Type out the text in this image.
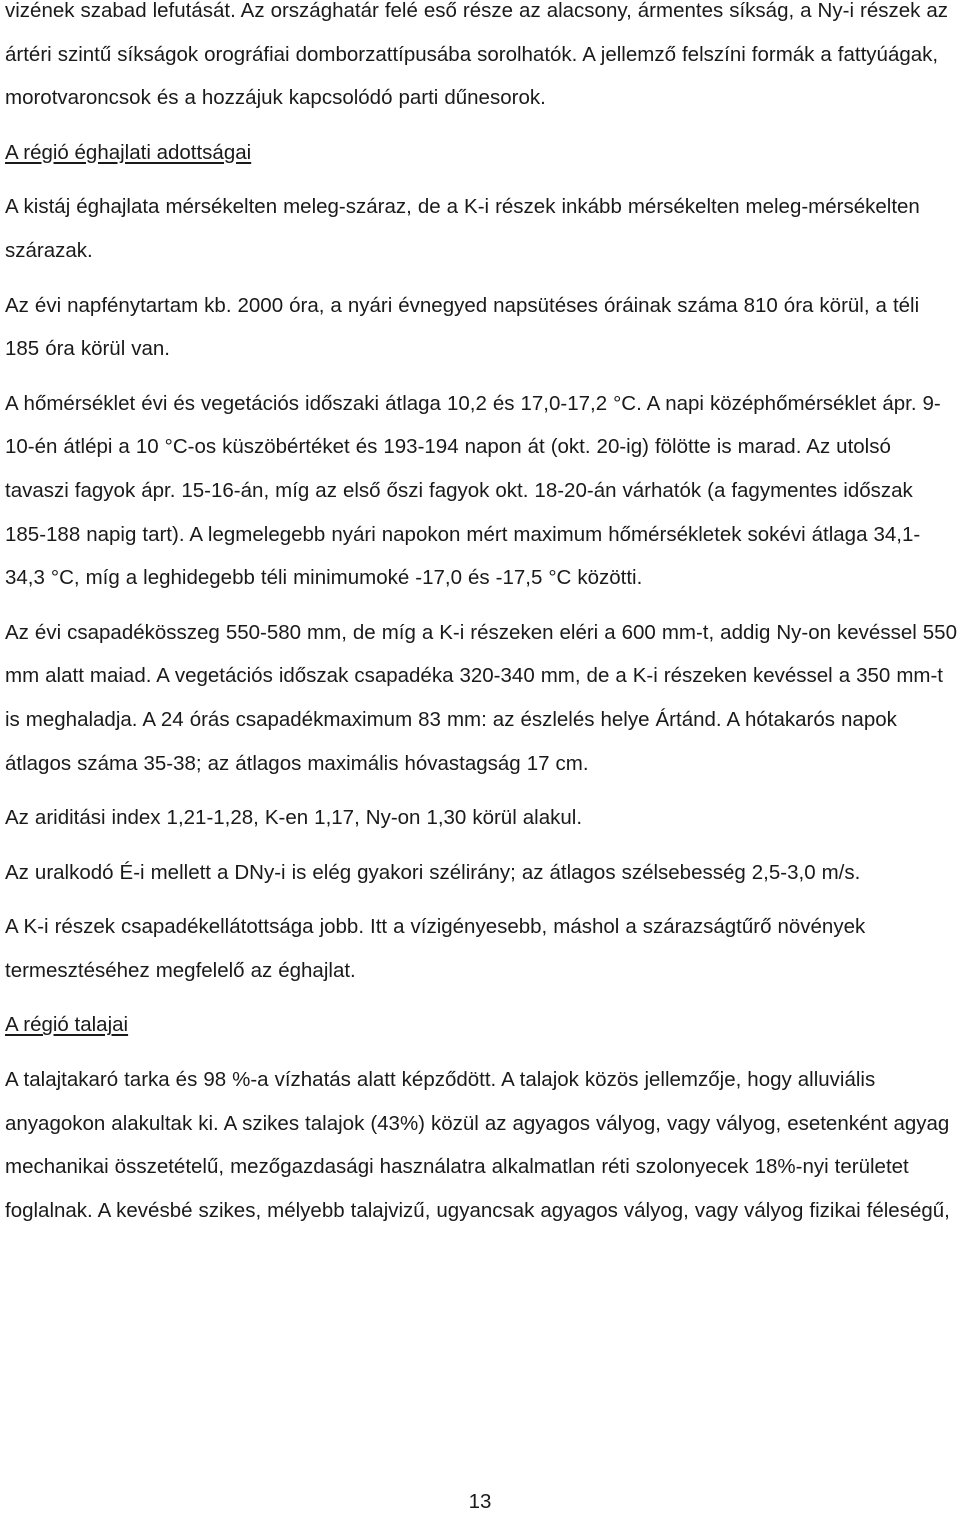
vizének szabad lefutását. Az országhatár felé eső része az alacsony, ármentes síkság, a Ny-i részek az ártéri szintű síkságok orográfiai domborzattípusába sorolhatók. A jellemző felszíni formák a fattyúágak, morotvaroncsok és a hozzájuk kapcsolódó parti dűnesorok.

A régió éghajlati adottságai

A kistáj éghajlata mérsékelten meleg-száraz, de a K-i részek inkább mérsékelten meleg-mérsékelten szárazak.

Az évi napfénytartam kb. 2000 óra, a nyári évnegyed napsütéses óráinak száma 810 óra körül, a téli 185 óra körül van.

A hőmérséklet évi és vegetációs időszaki átlaga 10,2 és 17,0-17,2 °C. A napi középhőmérséklet ápr. 9-10-én átlépi a 10 °C-os küszöbértéket és 193-194 napon át (okt. 20-ig) fölötte is marad. Az utolsó tavaszi fagyok ápr. 15-16-án, míg az első őszi fagyok okt. 18-20-án várhatók (a fagymentes időszak 185-188 napig tart). A legmelegebb nyári napokon mért maximum hőmérsékletek sokévi átlaga 34,1-34,3 °C, míg a leghidegebb téli minimumoké -17,0 és -17,5 °C közötti.

Az évi csapadékösszeg 550-580 mm, de míg a K-i részeken eléri a 600 mm-t, addig Ny-on kevéssel 550 mm alatt maiad. A vegetációs időszak csapadéka 320-340 mm, de a K-i részeken kevéssel a 350 mm-t is meghaladja. A 24 órás csapadékmaximum 83 mm: az észlelés helye Ártánd. A hótakarós napok átlagos száma 35-38; az átlagos maximális hóvastagság 17 cm.

Az ariditási index 1,21-1,28, K-en 1,17, Ny-on 1,30 körül alakul.

Az uralkodó É-i mellett a DNy-i is elég gyakori szélirány; az átlagos szélsebesség 2,5-3,0 m/s.

A K-i részek csapadékellátottsága jobb. Itt a vízigényesebb, máshol a szárazságtűrő növények termesztéséhez megfelelő az éghajlat.

A régió talajai

A talajtakaró tarka és 98 %-a vízhatás alatt képződött. A talajok közös jellemzője, hogy alluviális anyagokon alakultak ki. A szikes talajok (43%) közül az agyagos vályog, vagy vályog, esetenként agyag mechanikai összetételű, mezőgazdasági használatra alkalmatlan réti szolonyecek 18%-nyi területet foglalnak. A kevésbé szikes, mélyebb talajvizű, ugyancsak agyagos vályog, vagy vályog fizikai féleségű,

13
